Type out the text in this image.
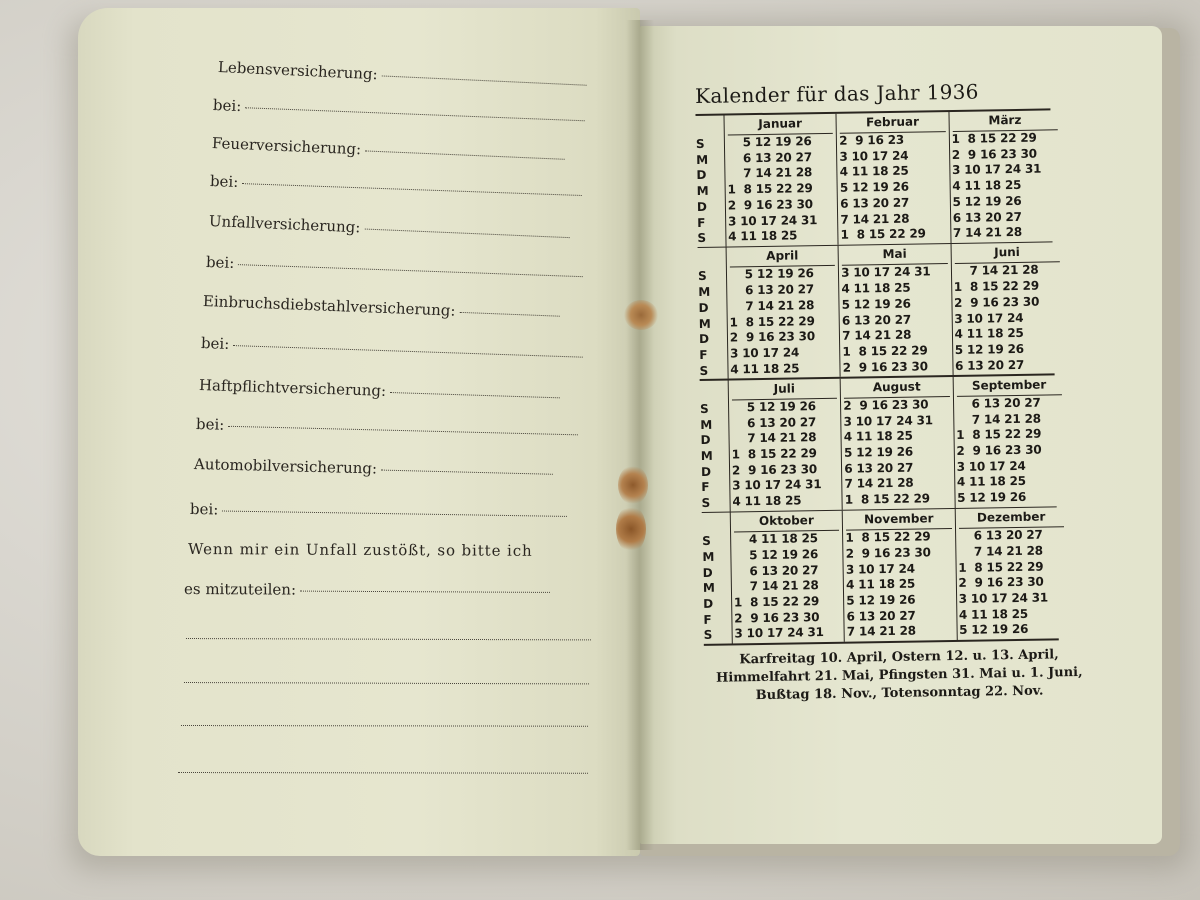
Lebensversicherung:
bei:
Feuerversicherung:
bei:
Unfallversicherung:
bei:
Einbruchsdiebstahlversicherung:
bei:
Haftpflichtversicherung:
bei:
Automobilversicherung:
bei:
Wenn mir ein Unfall zustößt, so bitte ich
es mitzuteilen:
Kalender für das Jahr 1936
S
M
D
M
D
F
S
Januar
5 12 19 26
6 13 20 27
7 14 21 28
1  8 15 22 29
2  9 16 23 30
3 10 17 24 31
4 11 18 25
Februar
2  9 16 23
3 10 17 24
4 11 18 25
5 12 19 26
6 13 20 27
7 14 21 28
1  8 15 22 29
März
1  8 15 22 29
2  9 16 23 30
3 10 17 24 31
4 11 18 25
5 12 19 26
6 13 20 27
7 14 21 28
S
M
D
M
D
F
S
April
5 12 19 26
6 13 20 27
7 14 21 28
1  8 15 22 29
2  9 16 23 30
3 10 17 24
4 11 18 25
Mai
3 10 17 24 31
4 11 18 25
5 12 19 26
6 13 20 27
7 14 21 28
1  8 15 22 29
2  9 16 23 30
Juni
7 14 21 28
1  8 15 22 29
2  9 16 23 30
3 10 17 24
4 11 18 25
5 12 19 26
6 13 20 27
S
M
D
M
D
F
S
Juli
5 12 19 26
6 13 20 27
7 14 21 28
1  8 15 22 29
2  9 16 23 30
3 10 17 24 31
4 11 18 25
August
2  9 16 23 30
3 10 17 24 31
4 11 18 25
5 12 19 26
6 13 20 27
7 14 21 28
1  8 15 22 29
September
6 13 20 27
7 14 21 28
1  8 15 22 29
2  9 16 23 30
3 10 17 24
4 11 18 25
5 12 19 26
S
M
D
M
D
F
S
Oktober
4 11 18 25
5 12 19 26
6 13 20 27
7 14 21 28
1  8 15 22 29
2  9 16 23 30
3 10 17 24 31
November
1  8 15 22 29
2  9 16 23 30
3 10 17 24
4 11 18 25
5 12 19 26
6 13 20 27
7 14 21 28
Dezember
6 13 20 27
7 14 21 28
1  8 15 22 29
2  9 16 23 30
3 10 17 24 31
4 11 18 25
5 12 19 26
Karfreitag 10. April, Ostern 12. u. 13. April,
Himmelfahrt 21. Mai, Pfingsten 31. Mai u. 1. Juni,
Bußtag 18. Nov., Totensonntag 22. Nov.
